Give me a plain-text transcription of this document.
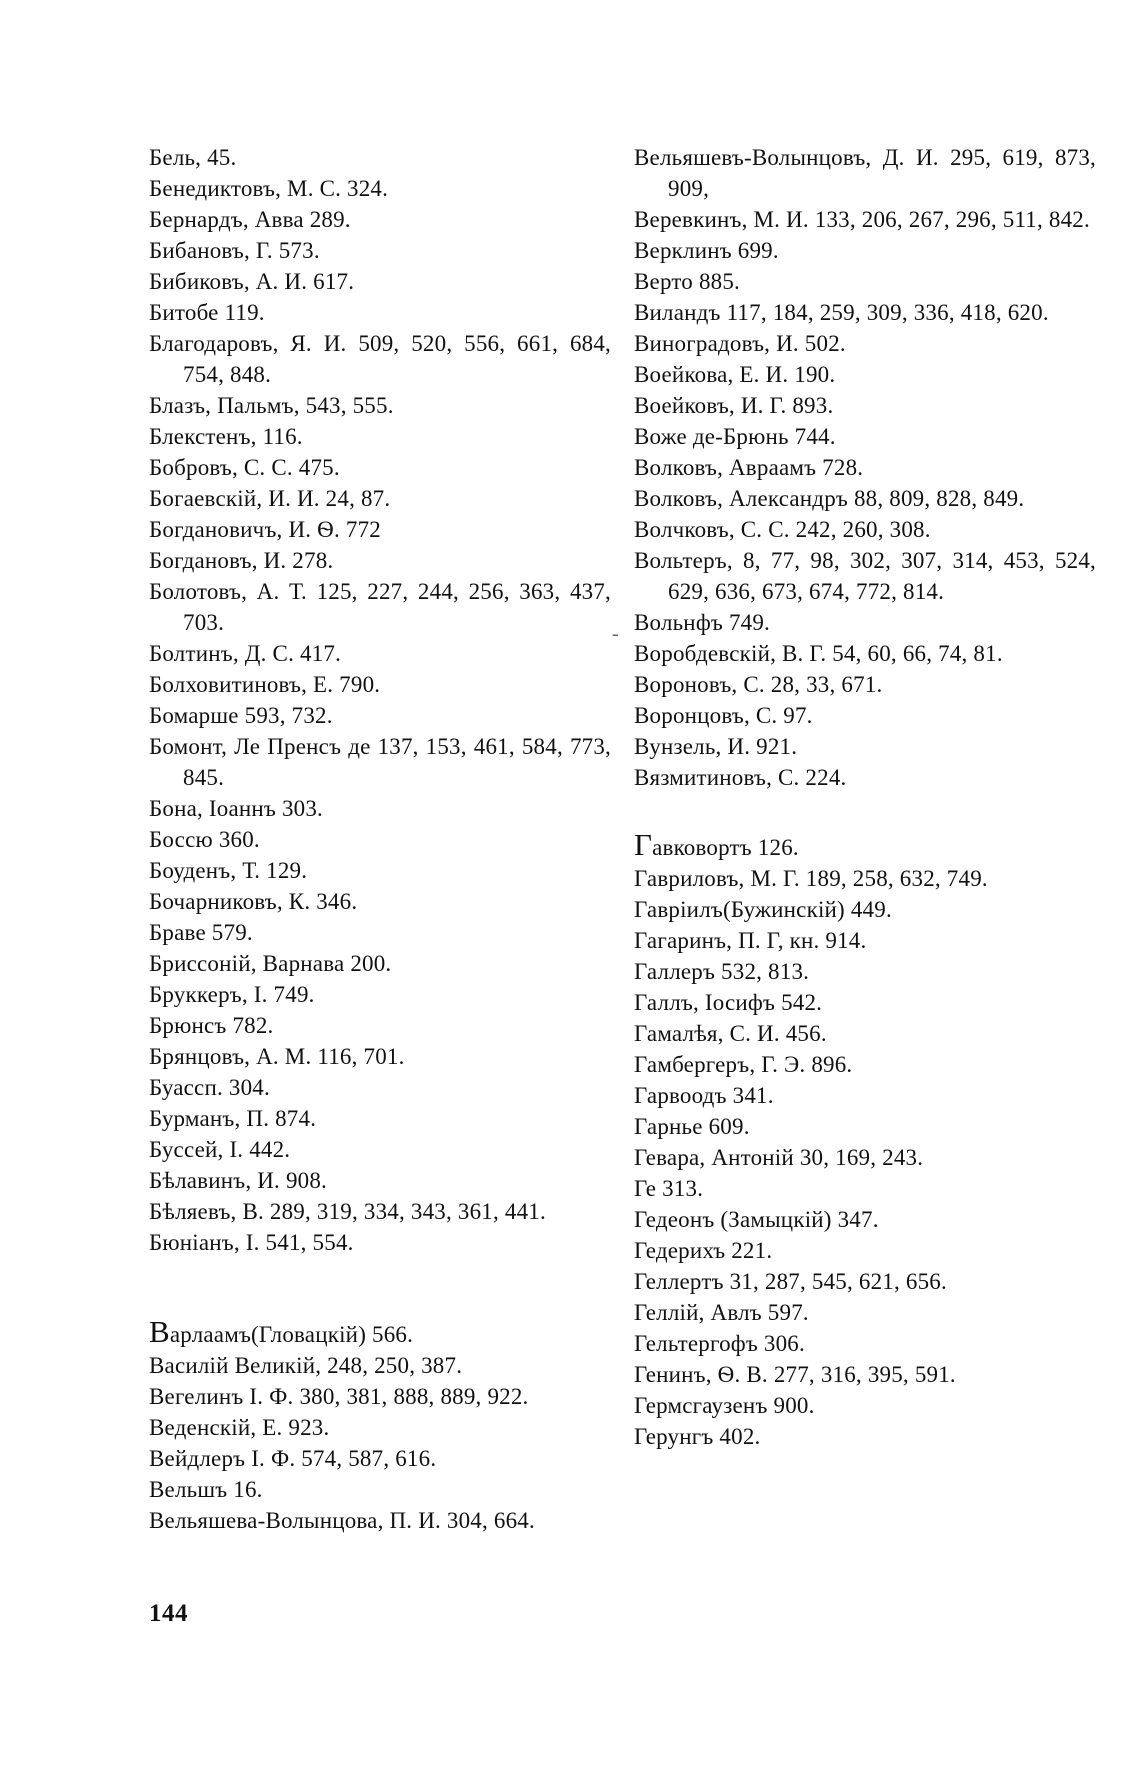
Бель, 45.

Бенедиктовъ, М. С. 324.

Бернардъ, Авва 289.

Бибановъ, Г. 573.

Бибиковъ, А. И. 617.

Битобе 119.

Благодаровъ, Я. И. 509, 520, 556, 661, 684, 754, 848.

Блазъ, Пальмъ, 543, 555.

Блекстенъ, 116.

Бобровъ, С. С. 475.

Богаевскій, И. И. 24, 87.

Богдановичъ, И. Ѳ. 772

Богдановъ, И. 278.

Болотовъ, А. Т. 125, 227, 244, 256, 363, 437, 703.

Болтинъ, Д. С. 417.

Болховитиновъ, Е. 790.

Бомарше 593, 732.

Бомонт, Ле Пренсъ де 137, 153, 461, 584, 773, 845.

Бона, Іоаннъ 303.

Боссю 360.

Боуденъ, Т. 129.

Бочарниковъ, К. 346.

Браве 579.

Бриссоній, Варнава 200.

Бруккеръ, І. 749.

Брюнсъ 782.

Брянцовъ, А. М. 116, 701.

Буассп. 304.

Бурманъ, П. 874.

Буссей, І. 442.

Бѣлавинъ, И. 908.

Бѣляевъ, В. 289, 319, 334, 343, 361, 441.

Бюніанъ, І. 541, 554.

Варлаамъ(Гловацкій) 566.

Василій Великій, 248, 250, 387.

Вегелинъ І. Ф. 380, 381, 888, 889, 922.

Веденскій, Е. 923.

Вейдлеръ І. Ф. 574, 587, 616.

Вельшъ 16.

Вельяшева-Волынцова, П. И. 304, 664.

Вельяшевъ-Волынцовъ, Д. И. 295, 619, 873, 909,

Веревкинъ, М. И. 133, 206, 267, 296, 511, 842.

Верклинъ 699.

Верто 885.

Виландъ 117, 184, 259, 309, 336, 418, 620.

Виноградовъ, И. 502.

Воейкова, Е. И. 190.

Воейковъ, И. Г. 893.

Воже де-Брюнь 744.

Волковъ, Авраамъ 728.

Волковъ, Александръ 88, 809, 828, 849.

Волчковъ, С. С. 242, 260, 308.

Вольтеръ, 8, 77, 98, 302, 307, 314, 453, 524, 629, 636, 673, 674, 772, 814.

Вольнфъ 749.

Воробдевскій, В. Г. 54, 60, 66, 74, 81.

Вороновъ, С. 28, 33, 671.

Воронцовъ, С. 97.

Вунзель, И. 921.

Вязмитиновъ, С. 224.

Гавковортъ 126.

Гавриловъ, М. Г. 189, 258, 632, 749.

Гавріилъ(Бужинскій) 449.

Гагаринъ, П. Г, кн. 914.

Галлеръ 532, 813.

Галлъ, Іосифъ 542.

Гамалѣя, С. И. 456.

Гамбергеръ, Г. Э. 896.

Гарвоодъ 341.

Гарнье 609.

Гевара, Антоній 30, 169, 243.

Ге 313.

Гедеонъ (Замыцкій) 347.

Гедерихъ 221.

Геллертъ 31, 287, 545, 621, 656.

Геллій, Авлъ 597.

Гельтергофъ 306.

Генинъ, Ѳ. В. 277, 316, 395, 591.

Гермсгаузенъ 900.

Герунгъ 402.

-
144
